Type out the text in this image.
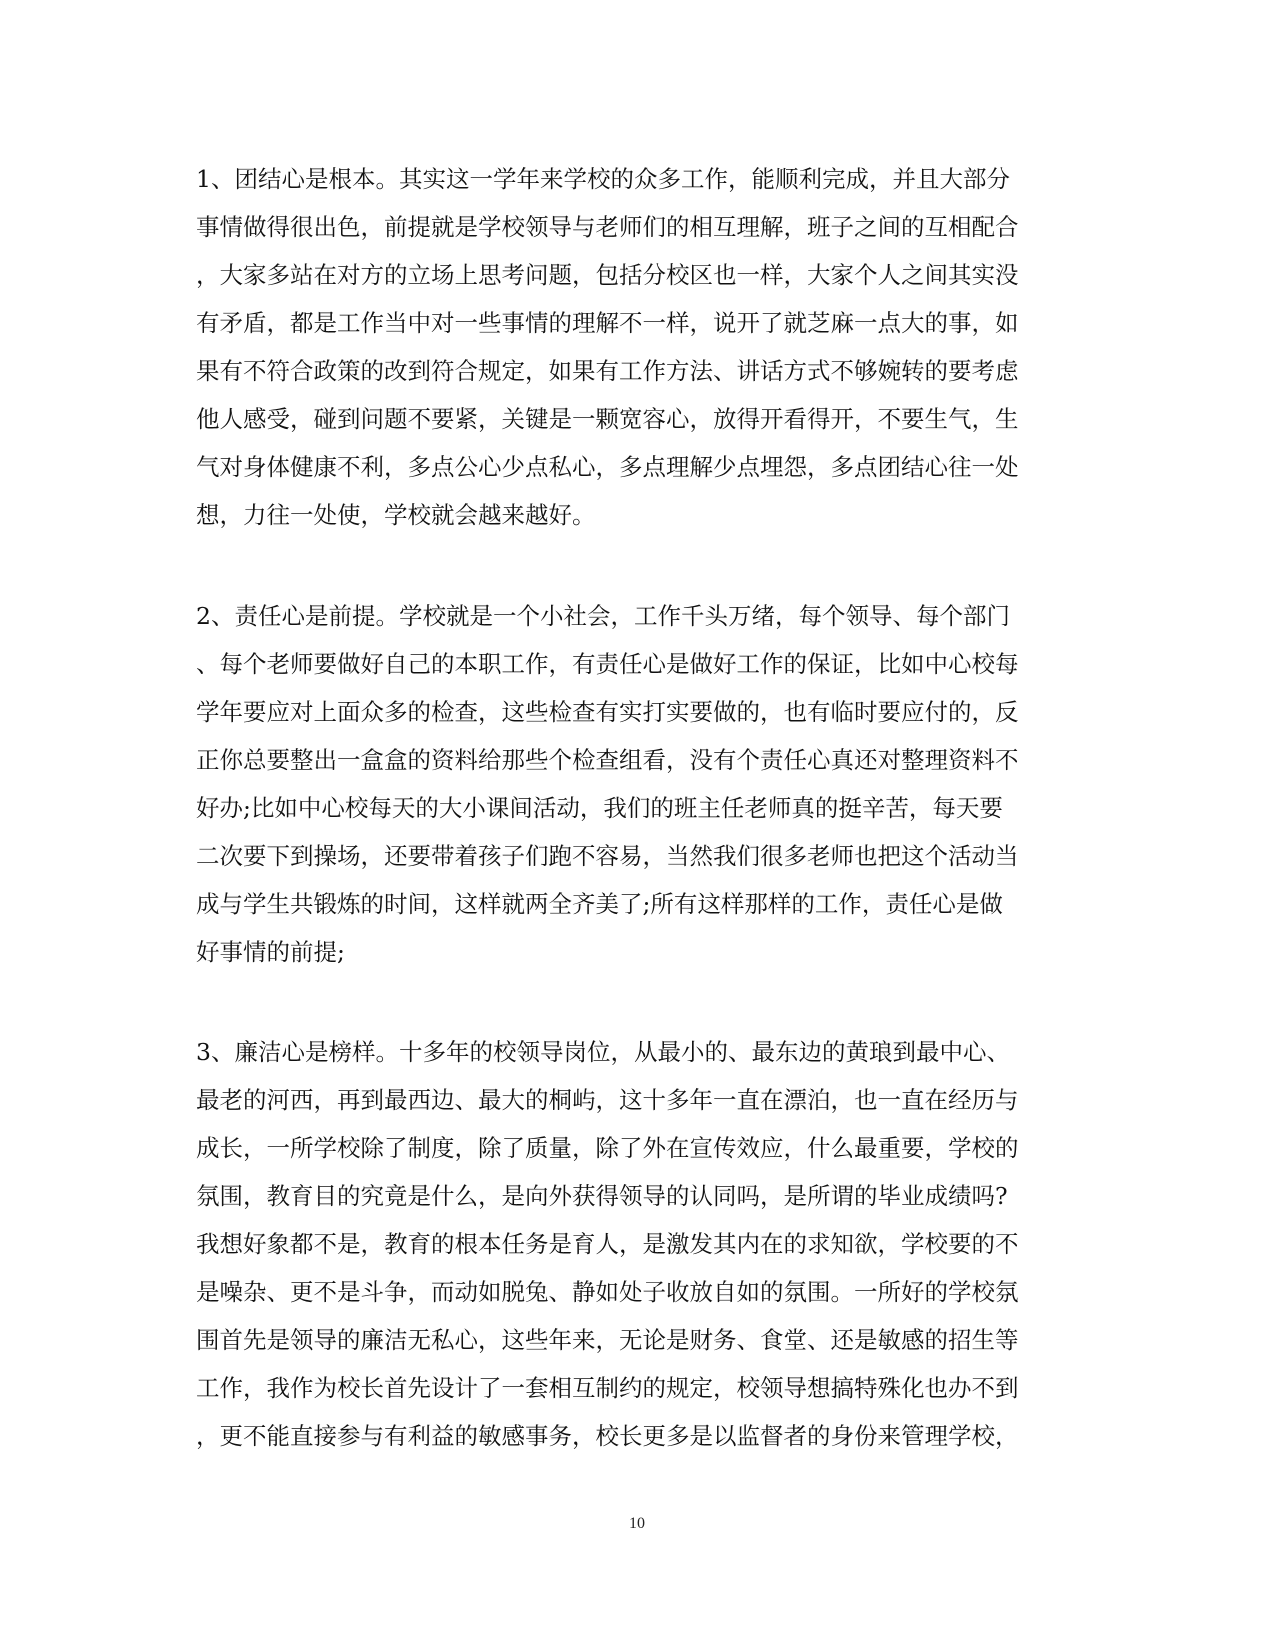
1、团结心是根本。其实这一学年来学校的众多工作，能顺利完成，并且大部分
事情做得很出色，前提就是学校领导与老师们的相互理解，班子之间的互相配合
，大家多站在对方的立场上思考问题，包括分校区也一样，大家个人之间其实没
有矛盾，都是工作当中对一些事情的理解不一样，说开了就芝麻一点大的事，如
果有不符合政策的改到符合规定，如果有工作方法、讲话方式不够婉转的要考虑
他人感受，碰到问题不要紧，关键是一颗宽容心，放得开看得开，不要生气，生
气对身体健康不利，多点公心少点私心，多点理解少点埋怨，多点团结心往一处
想，力往一处使，学校就会越来越好。
2、责任心是前提。学校就是一个小社会，工作千头万绪，每个领导、每个部门
、每个老师要做好自己的本职工作，有责任心是做好工作的保证，比如中心校每
学年要应对上面众多的检查，这些检查有实打实要做的，也有临时要应付的，反
正你总要整出一盒盒的资料给那些个检查组看，没有个责任心真还对整理资料不
好办;比如中心校每天的大小课间活动，我们的班主任老师真的挺辛苦，每天要
二次要下到操场，还要带着孩子们跑不容易，当然我们很多老师也把这个活动当
成与学生共锻炼的时间，这样就两全齐美了;所有这样那样的工作，责任心是做
好事情的前提;
3、廉洁心是榜样。十多年的校领导岗位，从最小的、最东边的黄琅到最中心、
最老的河西，再到最西边、最大的桐屿，这十多年一直在漂泊，也一直在经历与
成长，一所学校除了制度，除了质量，除了外在宣传效应，什么最重要，学校的
氛围，教育目的究竟是什么，是向外获得领导的认同吗，是所谓的毕业成绩吗?
我想好象都不是，教育的根本任务是育人，是激发其内在的求知欲，学校要的不
是噪杂、更不是斗争，而动如脱兔、静如处子收放自如的氛围。一所好的学校氛
围首先是领导的廉洁无私心，这些年来，无论是财务、食堂、还是敏感的招生等
工作，我作为校长首先设计了一套相互制约的规定，校领导想搞特殊化也办不到
，更不能直接参与有利益的敏感事务，校长更多是以监督者的身份来管理学校，
10
